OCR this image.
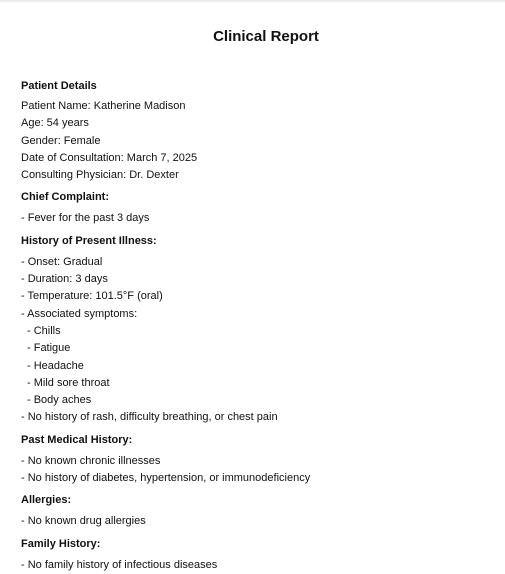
Clinical Report
Patient Details
Patient Name: Katherine Madison
Age: 54 years
Gender: Female
Date of Consultation: March 7, 2025
Consulting Physician: Dr. Dexter
Chief Complaint:
- Fever for the past 3 days
History of Present Illness:
- Onset: Gradual
- Duration: 3 days
- Temperature: 101.5°F (oral)
- Associated symptoms:
- Chills
- Fatigue
- Headache
- Mild sore throat
- Body aches
- No history of rash, difficulty breathing, or chest pain
Past Medical History:
- No known chronic illnesses
- No history of diabetes, hypertension, or immunodeficiency
Allergies:
- No known drug allergies
Family History:
- No family history of infectious diseases
